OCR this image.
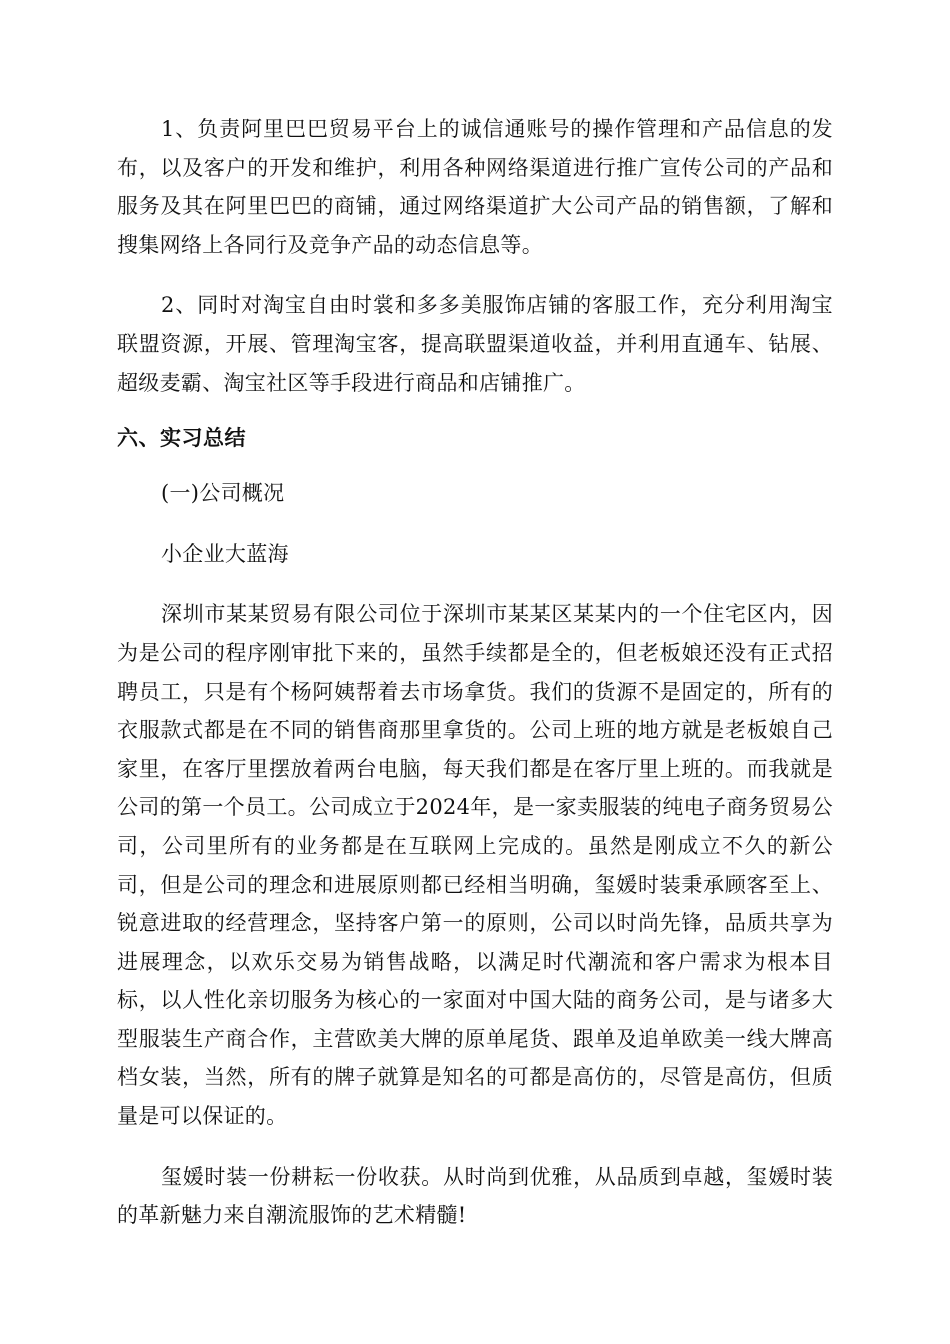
1、负责阿里巴巴贸易平台上的诚信通账号的操作管理和产品信息的发布，以及客户的开发和维护，利用各种网络渠道进行推广宣传公司的产品和服务及其在阿里巴巴的商铺，通过网络渠道扩大公司产品的销售额，了解和搜集网络上各同行及竞争产品的动态信息等。

2、同时对淘宝自由时裳和多多美服饰店铺的客服工作，充分利用淘宝联盟资源，开展、管理淘宝客，提高联盟渠道收益，并利用直通车、钻展、超级麦霸、淘宝社区等手段进行商品和店铺推广。

六、实习总结

(一)公司概况

小企业大蓝海

深圳市某某贸易有限公司位于深圳市某某区某某内的一个住宅区内，因为是公司的程序刚审批下来的，虽然手续都是全的，但老板娘还没有正式招聘员工，只是有个杨阿姨帮着去市场拿货。我们的货源不是固定的，所有的衣服款式都是在不同的销售商那里拿货的。公司上班的地方就是老板娘自己家里，在客厅里摆放着两台电脑，每天我们都是在客厅里上班的。而我就是公司的第一个员工。公司成立于2024年，是一家卖服装的纯电子商务贸易公司，公司里所有的业务都是在互联网上完成的。虽然是刚成立不久的新公司，但是公司的理念和进展原则都已经相当明确，玺媛时装秉承顾客至上、锐意进取的经营理念，坚持客户第一的原则，公司以时尚先锋，品质共享为进展理念，以欢乐交易为销售战略，以满足时代潮流和客户需求为根本目标，以人性化亲切服务为核心的一家面对中国大陆的商务公司，是与诸多大型服装生产商合作，主营欧美大牌的原单尾货、跟单及追单欧美一线大牌高档女装，当然，所有的牌子就算是知名的可都是高仿的，尽管是高仿，但质量是可以保证的。

玺媛时装一份耕耘一份收获。从时尚到优雅，从品质到卓越，玺媛时装的革新魅力来自潮流服饰的艺术精髓!
